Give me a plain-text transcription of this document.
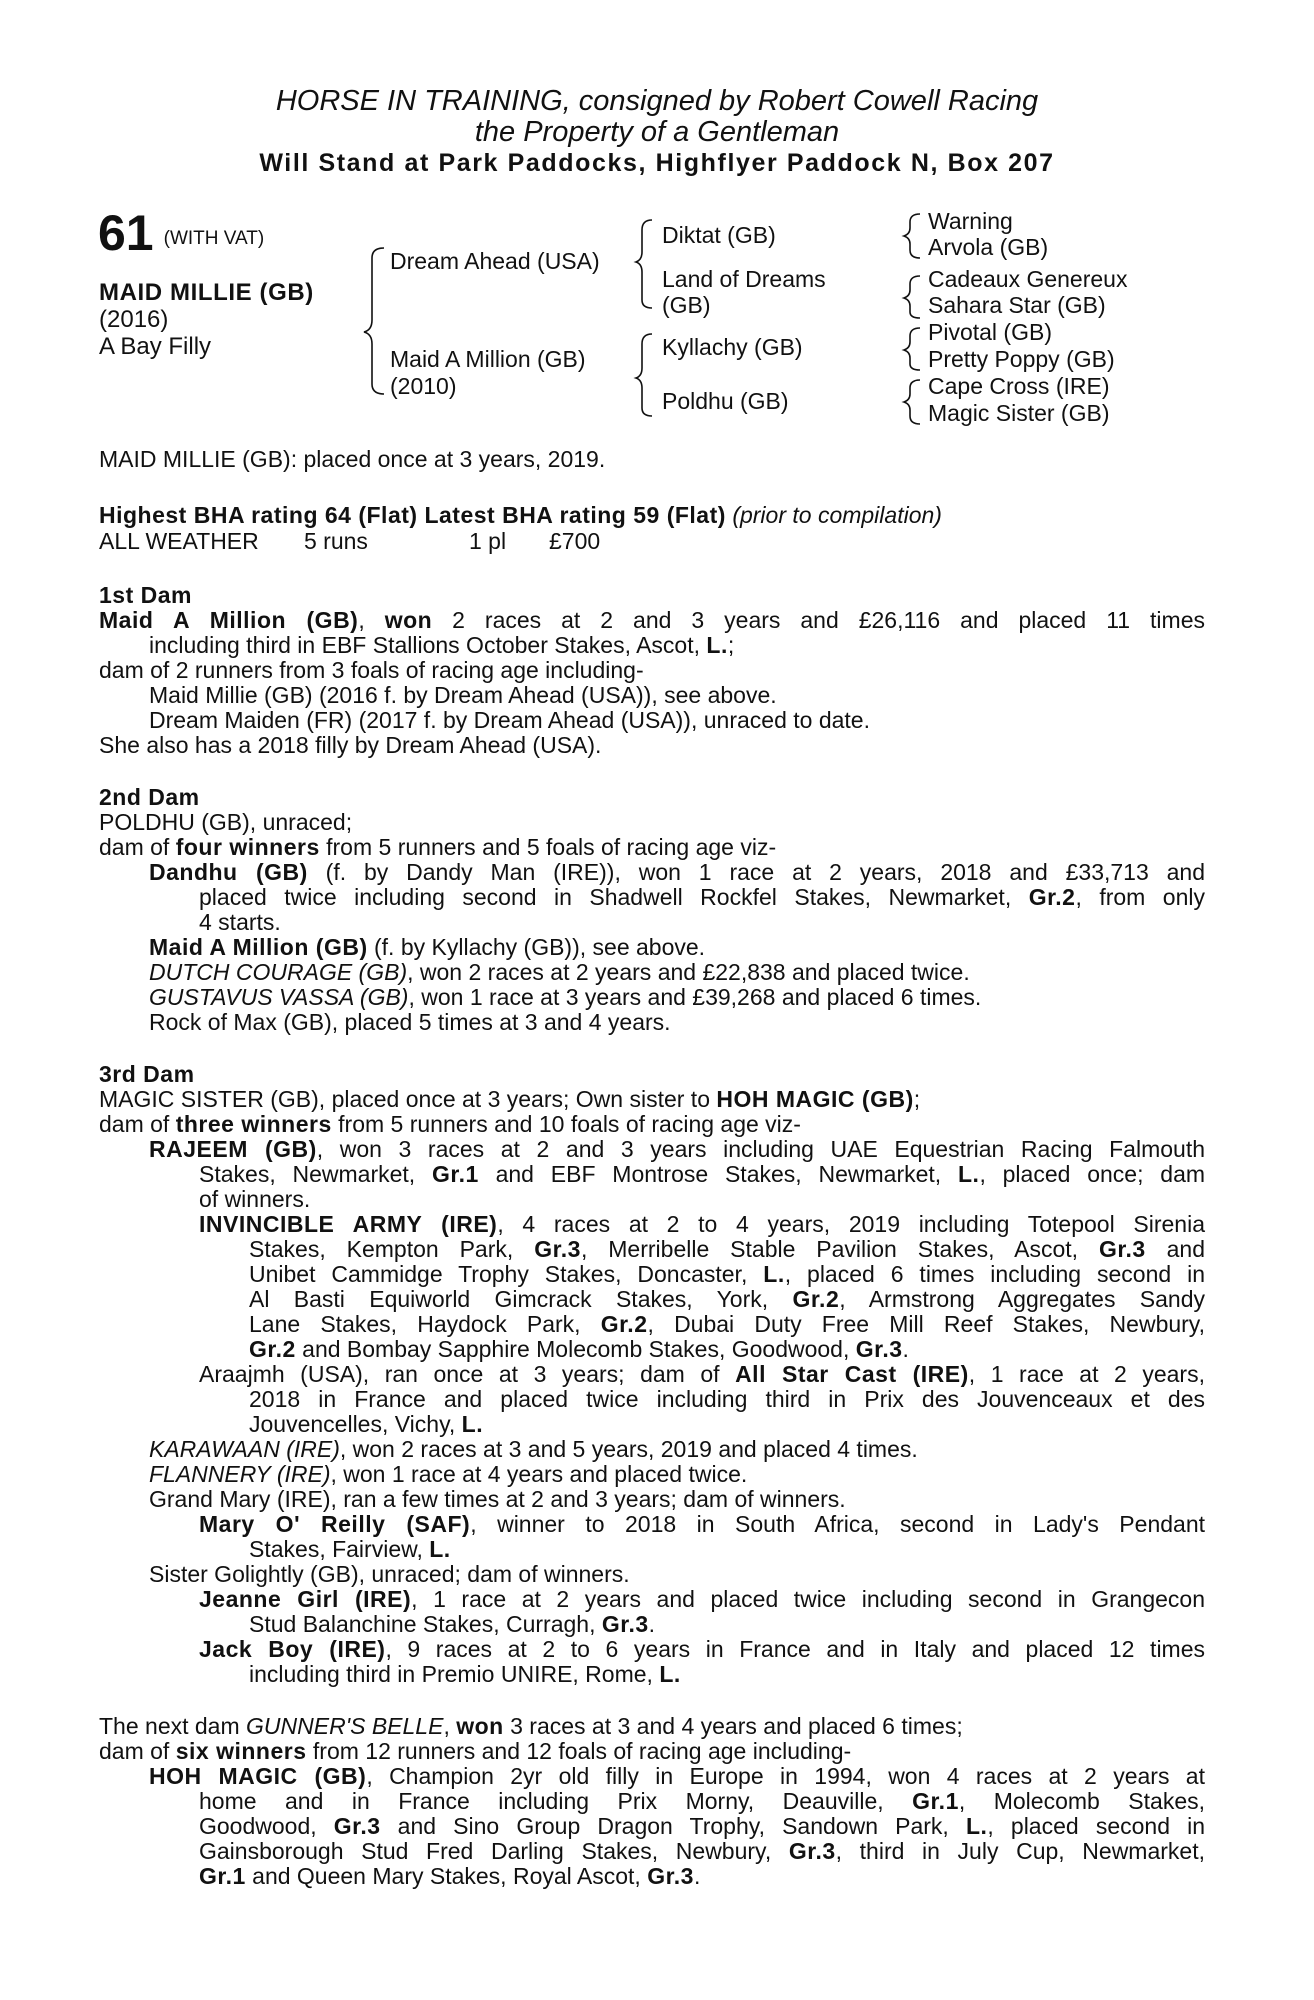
HORSE IN TRAINING, consigned by Robert Cowell Racing
the Property of a Gentleman
Will Stand at Park Paddocks, Highflyer Paddock N, Box 207
61 (WITH VAT)
MAID MILLIE (GB)
(2016)
A Bay Filly
Dream Ahead (USA)
Maid A Million (GB)
(2010)
Diktat (GB)
Land of Dreams
(GB)
Kyllachy (GB)
Poldhu (GB)
Warning
Arvola (GB)
Cadeaux Genereux
Sahara Star (GB)
Pivotal (GB)
Pretty Poppy (GB)
Cape Cross (IRE)
Magic Sister (GB)
MAID MILLIE (GB): placed once at 3 years, 2019.
Highest BHA rating 64 (Flat) Latest BHA rating 59 (Flat) (prior to compilation)
ALL WEATHER 5 runs	1 pl £700
1st Dam
Maid A Million (GB), won 2 races at 2 and 3 years and £26,116 and placed 11 times
including third in EBF Stallions October Stakes, Ascot, L.;
dam of 2 runners from 3 foals of racing age including-
Maid Millie (GB) (2016 f. by Dream Ahead (USA)), see above.
Dream Maiden (FR) (2017 f. by Dream Ahead (USA)), unraced to date.
She also has a 2018 filly by Dream Ahead (USA).
2nd Dam
POLDHU (GB), unraced;
dam of four winners from 5 runners and 5 foals of racing age viz-
Dandhu (GB) (f. by Dandy Man (IRE)), won 1 race at 2 years, 2018 and £33,713 and
placed twice including second in Shadwell Rockfel Stakes, Newmarket, Gr.2, from only
4 starts.
Maid A Million (GB) (f. by Kyllachy (GB)), see above.
DUTCH COURAGE (GB), won 2 races at 2 years and £22,838 and placed twice.
GUSTAVUS VASSA (GB), won 1 race at 3 years and £39,268 and placed 6 times.
Rock of Max (GB), placed 5 times at 3 and 4 years.
3rd Dam
MAGIC SISTER (GB), placed once at 3 years; Own sister to HOH MAGIC (GB);
dam of three winners from 5 runners and 10 foals of racing age viz-
RAJEEM (GB), won 3 races at 2 and 3 years including UAE Equestrian Racing Falmouth
Stakes, Newmarket, Gr.1 and EBF Montrose Stakes, Newmarket, L., placed once; dam
of winners.
INVINCIBLE ARMY (IRE), 4 races at 2 to 4 years, 2019 including Totepool Sirenia
Stakes, Kempton Park, Gr.3, Merribelle Stable Pavilion Stakes, Ascot, Gr.3 and
Unibet Cammidge Trophy Stakes, Doncaster, L., placed 6 times including second in
Al Basti Equiworld Gimcrack Stakes, York, Gr.2, Armstrong Aggregates Sandy
Lane Stakes, Haydock Park, Gr.2, Dubai Duty Free Mill Reef Stakes, Newbury,
Gr.2 and Bombay Sapphire Molecomb Stakes, Goodwood, Gr.3.
Araajmh (USA), ran once at 3 years; dam of All Star Cast (IRE), 1 race at 2 years,
2018 in France and placed twice including third in Prix des Jouvenceaux et des
Jouvencelles, Vichy, L.
KARAWAAN (IRE), won 2 races at 3 and 5 years, 2019 and placed 4 times.
FLANNERY (IRE), won 1 race at 4 years and placed twice.
Grand Mary (IRE), ran a few times at 2 and 3 years; dam of winners.
Mary O' Reilly (SAF), winner to 2018 in South Africa, second in Lady's Pendant
Stakes, Fairview, L.
Sister Golightly (GB), unraced; dam of winners.
Jeanne Girl (IRE), 1 race at 2 years and placed twice including second in Grangecon
Stud Balanchine Stakes, Curragh, Gr.3.
Jack Boy (IRE), 9 races at 2 to 6 years in France and in Italy and placed 12 times
including third in Premio UNIRE, Rome, L.
The next dam GUNNER'S BELLE, won 3 races at 3 and 4 years and placed 6 times;
dam of six winners from 12 runners and 12 foals of racing age including-
HOH MAGIC (GB), Champion 2yr old filly in Europe in 1994, won 4 races at 2 years at
home and in France including Prix Morny, Deauville, Gr.1, Molecomb Stakes,
Goodwood, Gr.3 and Sino Group Dragon Trophy, Sandown Park, L., placed second in
Gainsborough Stud Fred Darling Stakes, Newbury, Gr.3, third in July Cup, Newmarket,
Gr.1 and Queen Mary Stakes, Royal Ascot, Gr.3.
